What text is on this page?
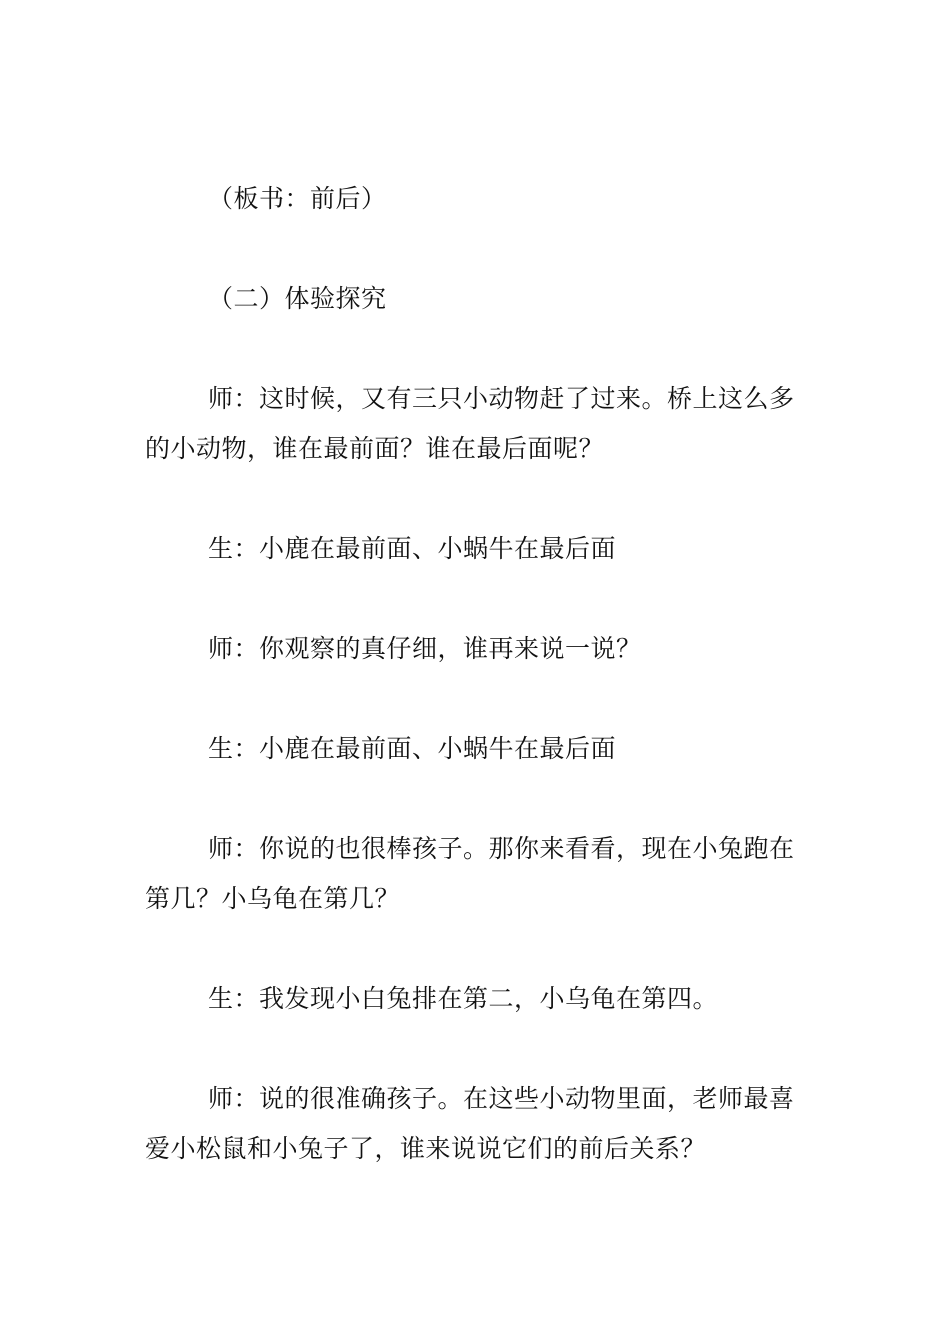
（板书：前后）

（二）体验探究

师：这时候，又有三只小动物赶了过来。桥上这么多的小动物，谁在最前面？谁在最后面呢？

生：小鹿在最前面、小蜗牛在最后面

师：你观察的真仔细，谁再来说一说？

生：小鹿在最前面、小蜗牛在最后面

师：你说的也很棒孩子。那你来看看，现在小兔跑在第几？小乌龟在第几？

生：我发现小白兔排在第二，小乌龟在第四。

师：说的很准确孩子。在这些小动物里面，老师最喜爱小松鼠和小兔子了，谁来说说它们的前后关系？
